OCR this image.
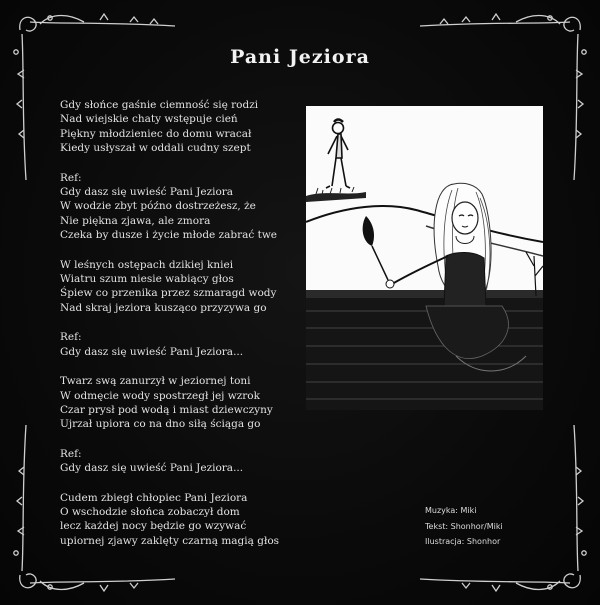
Pani Jeziora
Gdy słońce gaśnie ciemność się rodzi
Nad wiejskie chaty wstępuje cień
Piękny młodzieniec do domu wracał
Kiedy usłyszał w oddali cudny szept
Ref:
Gdy dasz się uwieść Pani Jeziora
W wodzie zbyt późno dostrzeżesz, że
Nie piękna zjawa, ale zmora
Czeka by dusze i życie młode zabrać twe
W leśnych ostępach dzikiej kniei
Wiatru szum niesie wabiący głos
Śpiew co przenika przez szmaragd wody
Nad skraj jeziora kusząco przyzywa go
Ref:
Gdy dasz się uwieść Pani Jeziora...
Twarz swą zanurzył w jeziornej toni
W odmęcie wody spostrzegł jej wzrok
Czar prysł pod wodą i miast dziewczyny
Ujrzał upiora co na dno siłą ściąga go
Ref:
Gdy dasz się uwieść Pani Jeziora...
Cudem zbiegł chłopiec Pani Jeziora
O wschodzie słońca zobaczył dom
lecz każdej nocy będzie go wzywać
upiornej zjawy zaklęty czarną magią głos
Muzyka: Miki
Tekst: Shonhor/Miki
Ilustracja: Shonhor
